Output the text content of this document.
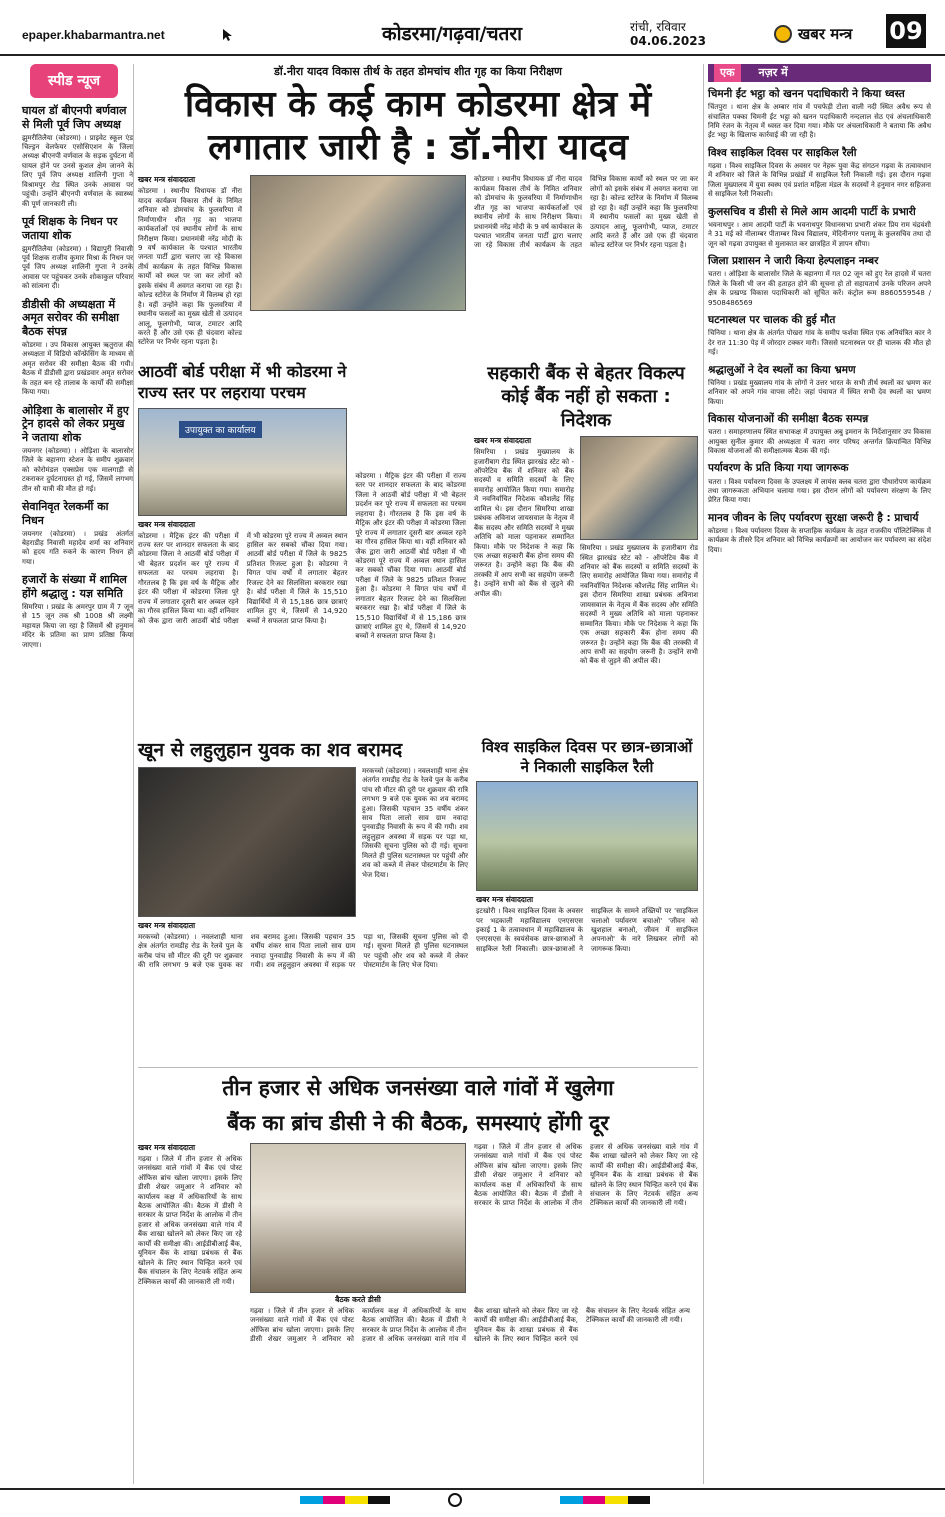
epaper.khabarmantra.net	कोडरमा/गढ़वा/चतरा	रांची, रविवार
04.06.2023	खबर मन्त्र 09
स्पीड न्यूज
घायल डॉ बीएनपी बर्णवाल से मिली पूर्व जिप अध्यक्ष
झुमरीतिलैया (कोडरमा) । प्राइवेट स्कूल एंड चिल्ड्रन वेलफेयर एसोसिएशन के जिला अध्यक्ष बीएनपी वर्णवाल के सड़क दुर्घटना में घायल होने पर उनसे कुशल क्षेम जानने के लिए पूर्व जिप अध्यक्ष शालिनी गुप्ता ने विश्रामपुर रोड स्थित उनके आवास पर पहुंची। उन्होंने बीएनपी वर्णवाल के स्वास्थ्य की पूर्ण जानकारी ली।
पूर्व शिक्षक के निधन पर जताया शोक
झुमरीतिलैया (कोडरमा) । विद्यापुरी निवासी पूर्व शिक्षक राजीव कुमार मिश्रा के निधन पर पूर्व जिप अध्यक्ष शालिनी गुप्ता ने उनके आवास पर पहुंचकर उनके शोकाकुल परिवार को सांत्वना दी।
डीडीसी की अध्यक्षता में अमृत सरोवर की समीक्षा बैठक संपन्न
कोडरमा । उप विकास आयुक्त ऋतुराज की अध्यक्षता में विडियो कॉन्फ्रेंसिंग के माध्यम से अमृत सरोवर की समीक्षा बैठक की गयी। बैठक में डीडीसी द्वारा प्रखंडवार अमृत सरोवर के तहत बन रहे तालाब के कार्यों की समीक्षा किया गया।
ओड़िशा के बालासोर में हुए ट्रेन हादसे को लेकर प्रमुख ने जताया शोक
जयनगर (कोडरमा) । ओड़िशा के बालासोर जिले के बहानगा स्टेशन के समीप शुक्रवार को कोरोमंडल एक्सप्रेस एक मालगाड़ी से टकराकर दुर्घटनाग्रस्त हो गई, जिसमें लगभग तीन सौ यात्री की मौत हो गई।
सेवानिवृत रेलकर्मी का निधन
जयनगर (कोडरमा) । प्रखंड अंतर्गत बेहराडीह निवासी महादेव शर्मा का शनिवार को हृदय गति रुकने के कारण निधन हो गया।
हजारों के संख्या में शामिल होंगे श्रद्धालु : यज्ञ समिति
सिमरिया । प्रखंड के अमरपुर ग्राम में 7 जून से 15 जून तक श्री 1008 श्री लक्ष्मी महायज्ञ किया जा रहा है जिसमें श्री हनुमान मंदिर के प्रतिमा का प्राण प्रतिष्ठा किया जाएगा।
डॉ.नीरा यादव विकास तीर्थ के तहत डोमचांच शीत गृह का किया निरीक्षण
विकास के कई काम कोडरमा क्षेत्र में लगातार जारी है : डॉ.नीरा यादव
खबर मन्त्र संवाददाता
कोडरमा । स्थानीय विधायक डॉ नीरा यादव कार्यक्रम विकास तीर्थ के निमित शनिवार को डोमचांच के फुलवरिया में निर्माणाधीन शीत गृह का भाजपा कार्यकर्ताओं एवं स्थानीय लोगों के साथ निरीक्षण किया। प्रधानमंत्री नरेंद्र मोदी के 9 वर्ष कार्यकाल के पश्चात भारतीय जनता पार्टी द्वारा चलाए जा रहे विकास तीर्थ कार्यक्रम के तहत विभिन्न विकास कार्यों को स्थल पर जा कर लोगों को इसके संबंध में अवगत कराया जा रहा है। कोल्ड स्टोरेज के निर्माण में विलम्ब हो रहा है। वहीं उन्होंने कहा कि फुलवरिया में स्थानीय फसलों का मुख्य खेती से उत्पादन आलू, फूलगोभी, प्याज, टमाटर आदि करते हैं और उसे एक ही चंदवारा कोल्ड स्टोरेज पर निर्भर रहना पड़ता है।
कोडरमा । स्थानीय विधायक डॉ नीरा यादव कार्यक्रम विकास तीर्थ के निमित शनिवार को डोमचांच के फुलवरिया में निर्माणाधीन शीत गृह का भाजपा कार्यकर्ताओं एवं स्थानीय लोगों के साथ निरीक्षण किया। प्रधानमंत्री नरेंद्र मोदी के 9 वर्ष कार्यकाल के पश्चात भारतीय जनता पार्टी द्वारा चलाए जा रहे विकास तीर्थ कार्यक्रम के तहत विभिन्न विकास कार्यों को स्थल पर जा कर लोगों को इसके संबंध में अवगत कराया जा रहा है। कोल्ड स्टोरेज के निर्माण में विलम्ब हो रहा है। वहीं उन्होंने कहा कि फुलवरिया में स्थानीय फसलों का मुख्य खेती से उत्पादन आलू, फूलगोभी, प्याज, टमाटर आदि करते हैं और उसे एक ही चंदवारा कोल्ड स्टोरेज पर निर्भर रहना पड़ता है।
आठवीं बोर्ड परीक्षा में भी कोडरमा ने राज्य स्तर पर लहराया परचम
उपायुक्त का कार्यालय
खबर मन्त्र संवाददाता
कोडरमा । मैट्रिक इंटर की परीक्षा में राज्य स्तर पर शानदार सफलता के बाद कोडरमा जिला ने आठवीं बोर्ड परीक्षा में भी बेहतर प्रदर्शन कर पूरे राज्य में सफलता का परचम लहराया है। गौरतलब है कि इस वर्ष के मैट्रिक और इंटर की परीक्षा में कोडरमा जिला पूरे राज्य में लगातार दूसरी बार अव्वल रहने का गौरव हासिल किया था। वहीं शनिवार को जैक द्वारा जारी आठवीं बोर्ड परीक्षा में भी कोडरमा पूरे राज्य में अव्वल स्थान हासिल कर सबको चौंका दिया गया। आठवीं बोर्ड परीक्षा में जिले के 9825 प्रतिशत रिजल्ट हुआ है। कोडरमा ने विगत पांच वर्षों में लगातार बेहतर रिजल्ट देने का सिलसिला बरकरार रखा है। बोर्ड परीक्षा में जिले के 15,510 विद्यार्थियों में से 15,186 छात्र छात्राएं शामिल हुए थे, जिसमें से 14,920 बच्चों ने सफलता प्राप्त किया है।
कोडरमा । मैट्रिक इंटर की परीक्षा में राज्य स्तर पर शानदार सफलता के बाद कोडरमा जिला ने आठवीं बोर्ड परीक्षा में भी बेहतर प्रदर्शन कर पूरे राज्य में सफलता का परचम लहराया है। गौरतलब है कि इस वर्ष के मैट्रिक और इंटर की परीक्षा में कोडरमा जिला पूरे राज्य में लगातार दूसरी बार अव्वल रहने का गौरव हासिल किया था। वहीं शनिवार को जैक द्वारा जारी आठवीं बोर्ड परीक्षा में भी कोडरमा पूरे राज्य में अव्वल स्थान हासिल कर सबको चौंका दिया गया। आठवीं बोर्ड परीक्षा में जिले के 9825 प्रतिशत रिजल्ट हुआ है। कोडरमा ने विगत पांच वर्षों में लगातार बेहतर रिजल्ट देने का सिलसिला बरकरार रखा है। बोर्ड परीक्षा में जिले के 15,510 विद्यार्थियों में से 15,186 छात्र छात्राएं शामिल हुए थे, जिसमें से 14,920 बच्चों ने सफलता प्राप्त किया है।
सहकारी बैंक से बेहतर विकल्प कोई बैंक नहीं हो सकता : निदेशक
खबर मन्त्र संवाददाता
सिमरिया । प्रखंड मुख्यालय के हजारीबाग रोड स्थित झारखंड स्टेट को - ऑपरेटिव बैंक में शनिवार को बैंक सदस्यों व समिति सदस्यों के लिए समारोह आयोजित किया गया। समारोह में नवनिर्वाचित निदेशक कौशलेंद्र सिंह शामिल थे। इस दौरान सिमरिया शाखा प्रबंधक अविनाश जायसवाल के नेतृत्व में बैंक सदस्य और समिति सदस्यों ने मुख्य अतिथि को माला पहनाकर सम्मानित किया। मौके पर निदेशक ने कहा कि एक अच्छा सहकारी बैंक होना समय की जरूरत है। उन्होंने कहा कि बैंक की तरक्की में आप सभी का सहयोग जरूरी है। उन्होंने सभी को बैंक से जुड़ने की अपील की।
सिमरिया । प्रखंड मुख्यालय के हजारीबाग रोड स्थित झारखंड स्टेट को - ऑपरेटिव बैंक में शनिवार को बैंक सदस्यों व समिति सदस्यों के लिए समारोह आयोजित किया गया। समारोह में नवनिर्वाचित निदेशक कौशलेंद्र सिंह शामिल थे। इस दौरान सिमरिया शाखा प्रबंधक अविनाश जायसवाल के नेतृत्व में बैंक सदस्य और समिति सदस्यों ने मुख्य अतिथि को माला पहनाकर सम्मानित किया। मौके पर निदेशक ने कहा कि एक अच्छा सहकारी बैंक होना समय की जरूरत है। उन्होंने कहा कि बैंक की तरक्की में आप सभी का सहयोग जरूरी है। उन्होंने सभी को बैंक से जुड़ने की अपील की।
खून से लहुलुहान युवक का शव बरामद
मरकच्चो (कोडरमा) । नवलशाही थाना क्षेत्र अंतर्गत रामडीह रोड के रेलवे पुल के करीब पांच सौ मीटर की दूरी पर शुक्रवार की रात्रि लगभग 9 बजे एक युवक का शव बरामद हुआ। जिसकी पहचान 35 वर्षीय शंकर साव पिता लालो साव ग्राम नवादा पुनवाडीह निवासी के रूप में की गयी। शव लहुलुहान अवस्था में सड़क पर पड़ा था, जिसकी सूचना पुलिस को दी गई। सूचना मिलते ही पुलिस घटनास्थल पर पहुंची और शव को कब्जे में लेकर पोस्टमार्टम के लिए भेज दिया।
खबर मन्त्र संवाददाता
मरकच्चो (कोडरमा) । नवलशाही थाना क्षेत्र अंतर्गत रामडीह रोड के रेलवे पुल के करीब पांच सौ मीटर की दूरी पर शुक्रवार की रात्रि लगभग 9 बजे एक युवक का शव बरामद हुआ। जिसकी पहचान 35 वर्षीय शंकर साव पिता लालो साव ग्राम नवादा पुनवाडीह निवासी के रूप में की गयी। शव लहुलुहान अवस्था में सड़क पर पड़ा था, जिसकी सूचना पुलिस को दी गई। सूचना मिलते ही पुलिस घटनास्थल पर पहुंची और शव को कब्जे में लेकर पोस्टमार्टम के लिए भेज दिया।
विश्व साइकिल दिवस पर छात्र-छात्राओं ने निकाली साइकिल रैली
खबर मन्त्र संवाददाता
इटखोरी । विश्व साइकिल दिवस के अवसर पर भद्रकाली महाविद्यालय एनएसएस इकाई 1 के तत्वावधान में महाविद्यालय के एनएसएस के स्वयंसेवक छात्र-छात्राओं ने साइकिल रैली निकाली। छात्र-छात्राओं ने साइकिल के सामने तख्तियों पर 'साइकिल चलाओ पर्यावरण बचाओ' 'जीवन को खुशहाल बनाओ, जीवन में साइकिल अपनाओ' के नारे लिखकर लोगों को जागरूक किया।
तीन हजार से अधिक जनसंख्या वाले गांवों में खुलेगा
बैंक का ब्रांच डीसी ने की बैठक, समस्याएं होंगी दूर
खबर मन्त्र संवाददाता
गढ़वा । जिले में तीन हजार से अधिक जनसंख्या वाले गांवों में बैंक एवं पोस्ट ऑफिस ब्रांच खोला जाएगा। इसके लिए डीसी शेखर जमुआर ने शनिवार को कार्यालय कक्ष में अधिकारियों के साथ बैठक आयोजित की। बैठक में डीसी ने सरकार के प्राप्त निर्देश के आलोक में तीन हजार से अधिक जनसंख्या वाले गांव में बैंक शाखा खोलने को लेकर किए जा रहे कार्यों की समीक्षा की। आईडीबीआई बैंक, यूनियन बैंक के शाखा प्रबंधक से बैंक खोलने के लिए स्थान चिन्हित करने एवं बैंक संचालन के लिए नेटवर्क संहित अन्य टेक्निकल कार्यों की जानकारी ली गयी।
बैठक करते डीसी
गढ़वा । जिले में तीन हजार से अधिक जनसंख्या वाले गांवों में बैंक एवं पोस्ट ऑफिस ब्रांच खोला जाएगा। इसके लिए डीसी शेखर जमुआर ने शनिवार को कार्यालय कक्ष में अधिकारियों के साथ बैठक आयोजित की। बैठक में डीसी ने सरकार के प्राप्त निर्देश के आलोक में तीन हजार से अधिक जनसंख्या वाले गांव में बैंक शाखा खोलने को लेकर किए जा रहे कार्यों की समीक्षा की। आईडीबीआई बैंक, यूनियन बैंक के शाखा प्रबंधक से बैंक खोलने के लिए स्थान चिन्हित करने एवं बैंक संचालन के लिए नेटवर्क संहित अन्य टेक्निकल कार्यों की जानकारी ली गयी।
गढ़वा । जिले में तीन हजार से अधिक जनसंख्या वाले गांवों में बैंक एवं पोस्ट ऑफिस ब्रांच खोला जाएगा। इसके लिए डीसी शेखर जमुआर ने शनिवार को कार्यालय कक्ष में अधिकारियों के साथ बैठक आयोजित की। बैठक में डीसी ने सरकार के प्राप्त निर्देश के आलोक में तीन हजार से अधिक जनसंख्या वाले गांव में बैंक शाखा खोलने को लेकर किए जा रहे कार्यों की समीक्षा की। आईडीबीआई बैंक, यूनियन बैंक के शाखा प्रबंधक से बैंक खोलने के लिए स्थान चिन्हित करने एवं बैंक संचालन के लिए नेटवर्क संहित अन्य टेक्निकल कार्यों की जानकारी ली गयी।
एक	नज़र में
चिमनी ईंट भट्ठा को खनन पदाधिकारी ने किया ध्वस्त
चिंतपुरा । थाना क्षेत्र के अम्बार गांव में पचफेड़ी टोला वाली नदी स्थित अवैध रूप से संचालित पक्का चिमनी ईंट भट्ठा को खनन पदाधिकारी नन्दलाल सेठ एवं अंचलाधिकारी निमि रंजन के नेतृत्व में ध्वस्त कर दिया गया। मौके पर अंचलाधिकारी ने बताया कि अवैध ईंट भट्ठा के खिलाफ कार्रवाई की जा रही है।
विश्व साइकिल दिवस पर साइकिल रैली
गढ़वा । विश्व साइकिल दिवस के अवसर पर नेहरू युवा केंद्र संगठन गढ़वा के तत्वावधान में शनिवार को जिले के विभिन्न प्रखंडों में साइकिल रैली निकाली गई। इस दौरान गढ़वा जिला मुख्यालय में युवा स्वस्थ एवं प्रशांत महिला मंडल के सदस्यों ने हनुमान नगर सहिजना से साइकिल रैली निकाली।
कुलसचिव व डीसी से मिले आम आदमी पार्टी के प्रभारी
भवनाथपुर । आम आदमी पार्टी के भवनाथपुर विधानसभा प्रभारी शंकर प्रिय राम चंद्रवंशी ने 31 मई को नीलाम्बर पीताम्बर विश्व विद्यालय, मेदिनीनगर पलामू के कुलसचिव तथा दो जून को गढ़वा उपायुक्त से मुलाकात कर छात्रहित में ज्ञापन सौंपा।
जिला प्रशासन ने जारी किया हेल्पलाइन नम्बर
चतरा । ओड़िशा के बालासोर जिले के बहानगा में गत 02 जून को हुए रेल हादसे में चतरा जिले के किसी भी जन की हताहत होने की सूचना हो तो सहायतार्थ उनके परिजन अपने क्षेत्र के प्रखण्ड विकास पदाधिकारी को सूचित करें। कंट्रोल रूम 8860559548 / 9508486569
घटनास्थल पर चालक की हुई मौत
चिनिया । थाना क्षेत्र के अंतर्गत पोखरा गांव के समीप फर्शवा स्थित एक अनियंत्रित कार ने देर रात 11:30 पेड़ में जोरदार टक्कर मारी। जिससे घटनास्थल पर ही चालक की मौत हो गई।
श्रद्धालुओं ने देव स्थलों का किया भ्रमण
चिनिया । प्रखंड मुख्यालय गांव के लोगों ने उत्तर भारत के सभी तीर्थ स्थलों का भ्रमण कर शनिवार को अपने गांव वापस लौटे। जहां पंचायत में स्थित सभी देव स्थलों का भ्रमण किया।
विकास योजनाओं की समीक्षा बैठक सम्पन्न
चतरा । समाहरणालय स्थित सभाकक्ष में उपायुक्त अबु इमरान के निर्देशानुसार उप विकास आयुक्त सुनील कुमार की अध्यक्षता में चतरा नगर परिषद अन्तर्गत क्रियान्वित विभिन्न विकास योजनाओं की समीक्षात्मक बैठक की गई।
पर्यावरण के प्रति किया गया जागरूक
चतरा । विश्व पर्यावरण दिवस के उपलक्ष्य में लायंस क्लब चतरा द्वारा पौधारोपण कार्यक्रम तथा जागरूकता अभियान चलाया गया। इस दौरान लोगों को पर्यावरण संरक्षण के लिए प्रेरित किया गया।
मानव जीवन के लिए पर्यावरण सुरक्षा जरूरी है : प्राचार्य
कोडरमा । विश्व पर्यावरण दिवस के सप्ताहिक कार्यक्रम के तहत राजकीय पॉलिटेक्निक में कार्यक्रम के तीसरे दिन शनिवार को विभिन्न कार्यक्रमों का आयोजन कर पर्यावरण का संदेश दिया।
